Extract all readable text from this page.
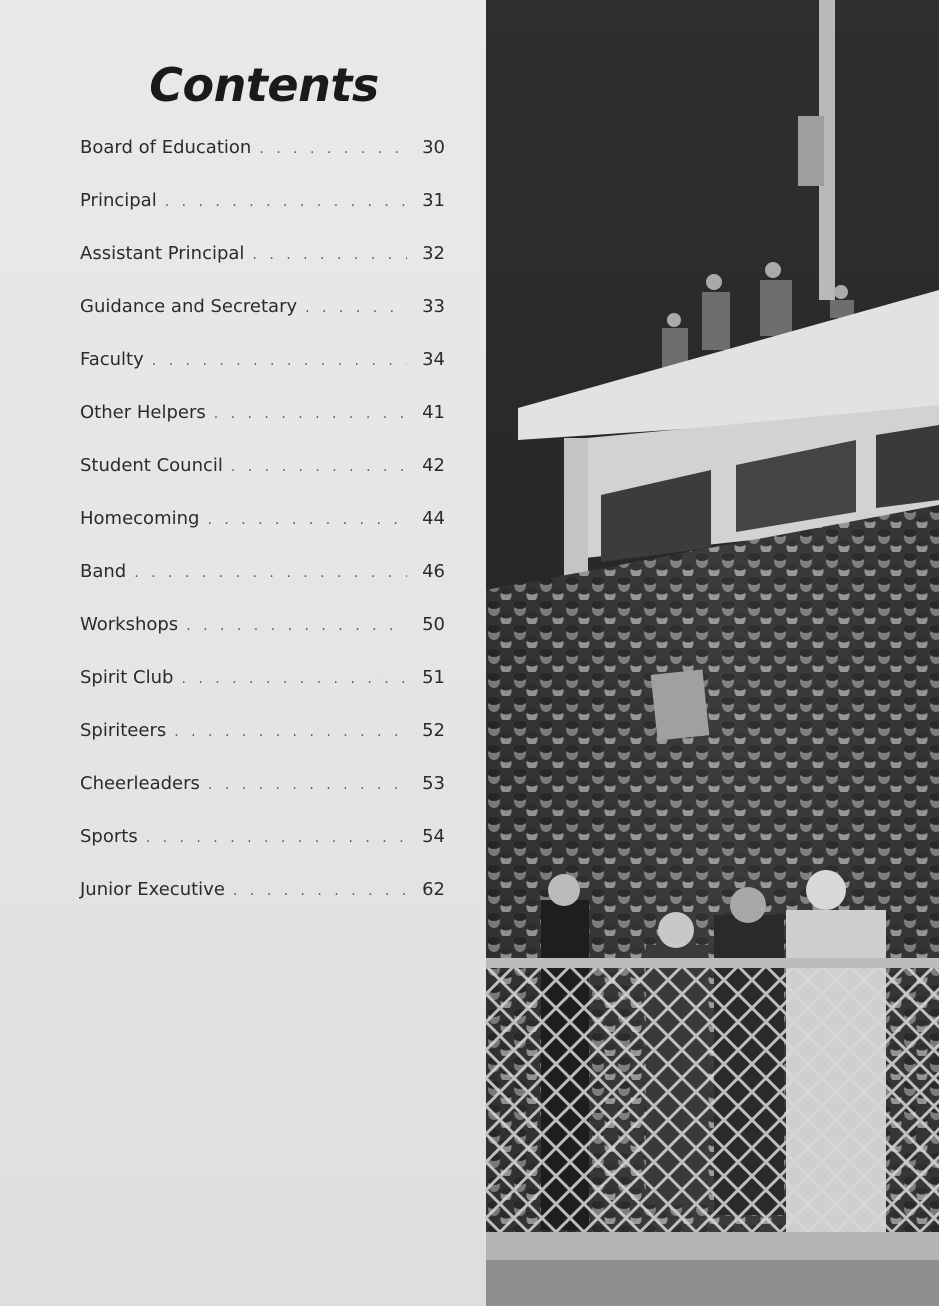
Contents
Board of Education . . .	30
Principal . . .	31
Assistant Principal . . .	32
Guidance and Secretary . . .	33
Faculty . . .	34
Other Helpers . . .	41
Student Council . . .	42
Homecoming . . .	44
Band . . .	46
Workshops . . .	50
Spirit Club . . .	51
Spiriteers . . .	52
Cheerleaders . . .	53
Sports . . .	54
Junior Executive . . .	62
